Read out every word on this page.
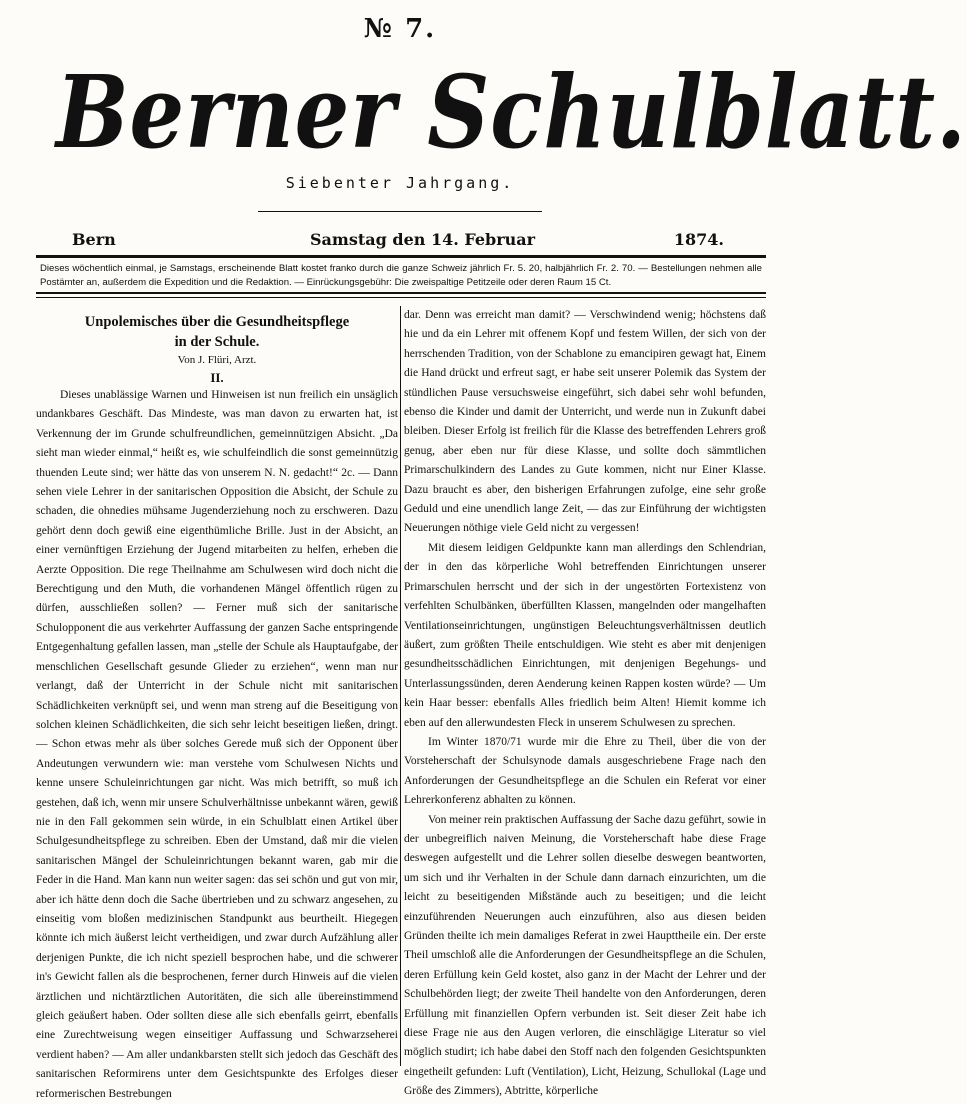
№ 7.
Berner Schulblatt.
Siebenter Jahrgang.
Bern	Samstag den 14. Februar	1874.
Dieses wöchentlich einmal, je Samstags, erscheinende Blatt kostet franko durch die ganze Schweiz jährlich Fr. 5. 20, halbjährlich Fr. 2. 70. — Bestellungen nehmen alle Postämter an, außerdem die Expedition und die Redaktion. — Einrückungsgebühr: Die zweispaltige Petitzeile oder deren Raum 15 Ct.
Unpolemisches über die Gesundheitspflege
in der Schule.
Von J. Flüri, Arzt.
II.

Dieses unablässige Warnen und Hinweisen ist nun freilich ein unsäglich undankbares Geschäft. Das Mindeste, was man davon zu erwarten hat, ist Verkennung der im Grunde schulfreundlichen, gemeinnützigen Absicht. „Da sieht man wieder einmal,“ heißt es, wie schulfeindlich die sonst gemeinnützig thuenden Leute sind; wer hätte das von unserem N. N. gedacht!“ 2c. — Dann sehen viele Lehrer in der sanitarischen Opposition die Absicht, der Schule zu schaden, die ohnedies mühsame Jugenderziehung noch zu erschweren. Dazu gehört denn doch gewiß eine eigenthümliche Brille. Just in der Absicht, an einer vernünftigen Erziehung der Jugend mitarbeiten zu helfen, erheben die Aerzte Opposition. Die rege Theilnahme am Schulwesen wird doch nicht die Berechtigung und den Muth, die vorhandenen Mängel öffentlich rügen zu dürfen, ausschließen sollen? — Ferner muß sich der sanitarische Schulopponent die aus verkehrter Auffassung der ganzen Sache entspringende Entgegenhaltung gefallen lassen, man „stelle der Schule als Hauptaufgabe, der menschlichen Gesellschaft gesunde Glieder zu erziehen“, wenn man nur verlangt, daß der Unterricht in der Schule nicht mit sanitarischen Schädlichkeiten verknüpft sei, und wenn man streng auf die Beseitigung von solchen kleinen Schädlichkeiten, die sich sehr leicht beseitigen ließen, dringt. — Schon etwas mehr als über solches Gerede muß sich der Opponent über Andeutungen verwundern wie: man verstehe vom Schulwesen Nichts und kenne unsere Schuleinrichtungen gar nicht. Was mich betrifft, so muß ich gestehen, daß ich, wenn mir unsere Schulverhältnisse unbekannt wären, gewiß nie in den Fall gekommen sein würde, in ein Schulblatt einen Artikel über Schulgesundheitspflege zu schreiben. Eben der Umstand, daß mir die vielen sanitarischen Mängel der Schuleinrichtungen bekannt waren, gab mir die Feder in die Hand. Man kann nun weiter sagen: das sei schön und gut von mir, aber ich hätte denn doch die Sache übertrieben und zu schwarz angesehen, zu einseitig vom bloßen medizinischen Standpunkt aus beurtheilt. Hiegegen könnte ich mich äußerst leicht vertheidigen, und zwar durch Aufzählung aller derjenigen Punkte, die ich nicht speziell besprochen habe, und die schwerer in's Gewicht fallen als die besprochenen, ferner durch Hinweis auf die vielen ärztlichen und nichtärztlichen Autoritäten, die sich alle übereinstimmend gleich geäußert haben. Oder sollten diese alle sich ebenfalls geirrt, ebenfalls eine Zurechtweisung wegen einseitiger Auffassung und Schwarzseherei verdient haben? — Am aller undankbarsten stellt sich jedoch das Geschäft des sanitarischen Reformirens unter dem Gesichtspunkte des Erfolges dieser reformerischen Bestrebungen

dar. Denn was erreicht man damit? — Verschwindend wenig; höchstens daß hie und da ein Lehrer mit offenem Kopf und festem Willen, der sich von der herrschenden Tradition, von der Schablone zu emancipiren gewagt hat, Einem die Hand drückt und erfreut sagt, er habe seit unserer Polemik das System der stündlichen Pause versuchsweise eingeführt, sich dabei sehr wohl befunden, ebenso die Kinder und damit der Unterricht, und werde nun in Zukunft dabei bleiben. Dieser Erfolg ist freilich für die Klasse des betreffenden Lehrers groß genug, aber eben nur für diese Klasse, und sollte doch sämmtlichen Primarschulkindern des Landes zu Gute kommen, nicht nur Einer Klasse. Dazu braucht es aber, den bisherigen Erfahrungen zufolge, eine sehr große Geduld und eine unendlich lange Zeit, — das zur Einführung der wichtigsten Neuerungen nöthige viele Geld nicht zu vergessen!

Mit diesem leidigen Geldpunkte kann man allerdings den Schlendrian, der in den das körperliche Wohl betreffenden Einrichtungen unserer Primarschulen herrscht und der sich in der ungestörten Fortexistenz von verfehlten Schulbänken, überfüllten Klassen, mangelnden oder mangelhaften Ventilationseinrichtungen, ungünstigen Beleuchtungsverhältnissen deutlich äußert, zum größten Theile entschuldigen. Wie steht es aber mit denjenigen gesundheitsschädlichen Einrichtungen, mit denjenigen Begehungs- und Unterlassungssünden, deren Aenderung keinen Rappen kosten würde? — Um kein Haar besser: ebenfalls Alles friedlich beim Alten! Hiemit komme ich eben auf den allerwundesten Fleck in unserem Schulwesen zu sprechen.

Im Winter 1870/71 wurde mir die Ehre zu Theil, über die von der Vorsteherschaft der Schulsynode damals ausgeschriebene Frage nach den Anforderungen der Gesundheitspflege an die Schulen ein Referat vor einer Lehrerkonferenz abhalten zu können.

Von meiner rein praktischen Auffassung der Sache dazu geführt, sowie in der unbegreiflich naiven Meinung, die Vorsteherschaft habe diese Frage deswegen aufgestellt und die Lehrer sollen dieselbe deswegen beantworten, um sich und ihr Verhalten in der Schule dann darnach einzurichten, um die leicht zu beseitigenden Mißstände auch zu beseitigen; und die leicht einzuführenden Neuerungen auch einzuführen, also aus diesen beiden Gründen theilte ich mein damaliges Referat in zwei Haupttheile ein. Der erste Theil umschloß alle die Anforderungen der Gesundheitspflege an die Schulen, deren Erfüllung kein Geld kostet, also ganz in der Macht der Lehrer und der Schulbehörden liegt; der zweite Theil handelte von den Anforderungen, deren Erfüllung mit finanziellen Opfern verbunden ist. Seit dieser Zeit habe ich diese Frage nie aus den Augen verloren, die einschlägige Literatur so viel möglich studirt; ich habe dabei den Stoff nach den folgenden Gesichtspunkten eingetheilt gefunden: Luft (Ventilation), Licht, Heizung, Schullokal (Lage und Größe des Zimmers), Abtritte, körperliche
